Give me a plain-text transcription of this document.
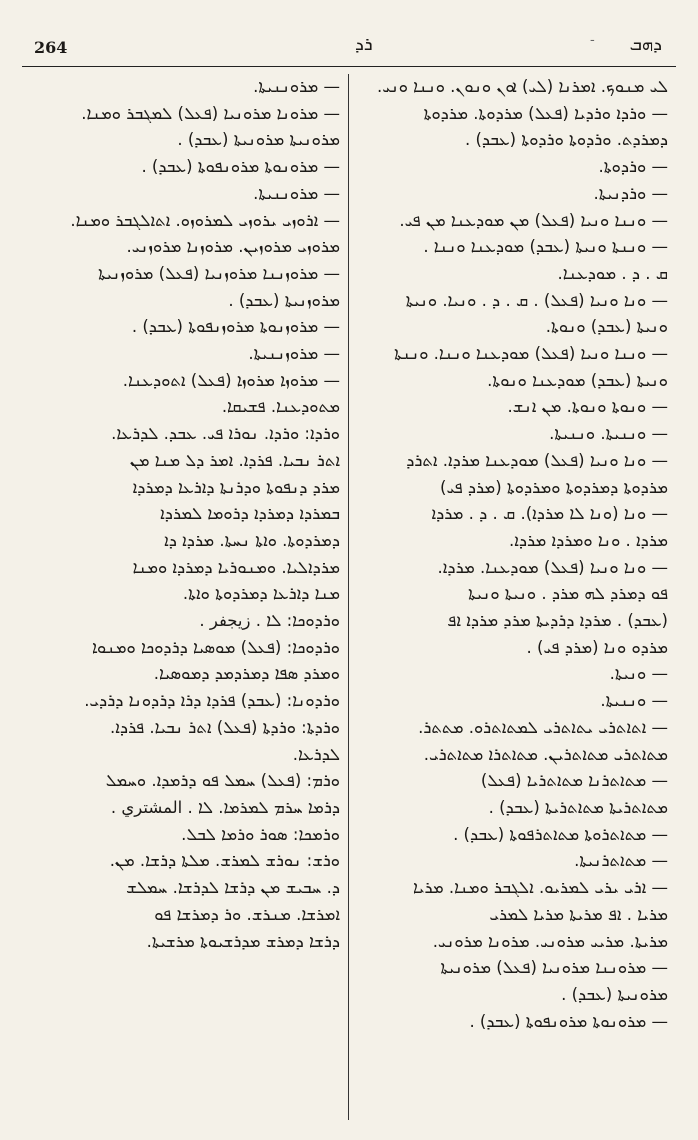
264	ܪܕ	- ܕܗܒ
— ܡܪܘܢܢܝܬܐ.
— ܡܪܘܢܐ ܡܪܘܢܝܐ (ܦܥܠ) ܠܡܓܒܪ ܘܡܢܐ.
ܡܪܘܢܝܬܐ ܡܪܘܢܝܬܐ (ܥܒܕ) .
— ܡܪܘܢܘܬܐ ܡܪܘܢܦܘܬܐ (ܥܒܕ) .
— ܡܪܘܢܢܝܬܐ.
— ܐܪܘܙܝ ܝܪܘܙܝ ܠܡܪܘܙܘ. ܐܬܐܠܓܒܪ ܘܡܢܐ.
ܡܪܘܙܝ ܡܪܘܙܝܢ. ܡܪܘܙܢܐ ܡܪܘܙܢܝ.
— ܡܪܘܙܢܢܐ ܡܪܘܙܢܝܐ (ܦܥܠ) ܡܪܘܙܢܝܬܐ
ܡܪܘܙܢܝܬܐ (ܥܒܕ) .
— ܡܪܘܙܢܘܬܐ ܡܪܘܙܢܦܘܬܐ (ܥܒܕ) .
— ܡܪܘܙܢܢܝܬܐ.
— ܡܪܘܙܐ ܡܪܘܙܐ (ܦܥܠ) ܐܬܘܕܥܢܐ.
ܡܬܘܕܥܢܐ. ܦܫܝܩܐ.
ܘܪܕܐ: ܘܪܕܐ. ܢܘܪܐ ܦܝ. ܥܒܕ. ܠܕܪܥܐ.
ܐܬܪ ܢܒܝܐ. ܦܪܕܐ. ܐܡܪ ܕܠ ܡܢܐ ܡܢ
ܡܪܕ ܕܢܦܘܬܐ ܘܕܪܢܬܐ ܕܐܪܥܐ ܕܡܪܕܐ
ܒܡܪܕܐ ܕܡܪܕܐ ܕܪܘܡܐ ܠܡܪܕܐ
ܕܡܪܕܘܬܐ. ܘܐܬܐ ܢܚܬܐ. ܡܪܕܐ ܕܐ
ܡܪܕܐܠܝܐ. ܘܡܢܘܪܝܐ ܕܡܪܕܐ ܘܡܢܐ
ܡܢܐ ܕܐܪܥܐ ܕܡܪܕܘܬܐ ܘܐܬܐ.
ܘܪܕܘܟܐ: ܠܐ . زيجفر .
ܘܪܕܘܟܐ: (ܦܥܠ) ܡܘܣܝܐ ܕܪܕܘܟܐ ܘܡܢܘܐ
ܘܡܪܕ ܣܦܐ ܕܡܪܕܡܕ ܕܡܘܣܝܐ.
ܘܪܕܘܢܐ: (ܥܒܕ) ܦܪܕܐ ܕܪܐ ܕܪܕܘܢܐ ܕܪܕܝ.
ܘܪܕܬܐ: ܘܪܕܬܐ (ܦܥܠ) ܐܬܪ ܢܒܝܐ. ܦܪܕܐ.
ܠܕܪܥܐ.
ܘܪܡ: (ܦܥܠ) ܚܡܠ ܦܘ ܕܪܡܕܐ. ܘܚܡܠ
ܕܪܡܐ ܚܪܡ ܠܡܪܡܐ. ܠܐ . المشتري .
ܘܪܡܟܐ: ܣܘܪ ܘܪܡܐ ܠܒܠ.
ܘܪܫ: ܢܘܪܫ ܠܡܪܫ. ܡܠܬܐ ܕܪܫܐ. ܡܢ.
ܕ. ܚܒܝܫ ܡܢ ܕܪܫܐ ܠܕܪܫܐ. ܚܡܠܫ
ܐܡܪܫܐ. ܡܢܪܫ. ܘܪ ܕܡܪܫܐ ܦܘ
ܕܪܫܐ ܕܡܪܫ ܡܕܪܫܝܘܬܐ ܡܪܫܝܬܐ.
ܠܝ ܡܢܘܟ. ܐܡܪܢܐ (ܠܝ) ܐܘܢ ܘܢܘܢ. ܘܢܢܐ ܘܢܝ.
— ܘܪܕܐ ܘܪܕܝܐ (ܦܥܠ) ܡܪܕܘܬܐ. ܡܪܕܘܬܐ
ܕܡܪܕܬ. ܘܪܕܘܬܐ ܘܪܕܘܬܐ (ܥܒܕ) .
— ܘܪܕܘܬܐ.
— ܘܪܕܢܝܬܐ.
— ܘܢܢܐ ܘܢܝܐ (ܦܥܠ) ܡܢ ܡܘܕܥܢܐ ܡܢ ܦܝ.
— ܘܢܢܬܐ ܘܢܝܬܐ (ܥܒܕ) ܡܘܕܥܢܐ ܘܢܢܐ .
ܩ . ܕ . ܡܘܕܥܢܐ.
— ܘܢܐ ܘܢܝܐ (ܦܥܠ) . ܩ . ܕ . ܘܢܝܐ. ܘܢܝܬܐ
ܘܢܝܬܐ (ܥܒܕ) ܘܢܘܬܐ.
— ܘܢܢܐ ܘܢܝܐ (ܦܥܠ) ܡܘܕܥܢܐ ܘܢܢܐ. ܘܢܢܬܐ
ܘܢܝܬܐ (ܥܒܕ) ܡܘܕܥܢܐ ܘܢܘܬܐ.
— ܘܢܘܬܐ ܘܢܘܬܐ. ܡܢ ܐܢܫ.
— ܘܢܢܝܬܐ. ܘܢܢܝܬܐ.
— ܘܢܐ ܘܢܝܐ (ܦܥܠ) ܡܘܕܥܢܐ ܡܪܕܐ. ܐܬܪܕ
ܡܪܕܘܬܐ ܕܡܪܕܘܬܐ ܘܡܪܕܘܬܐ (ܡܪܕ ܦܝ)
— ܘܢܐ (ܘܢܐ ܠܐ ܡܪܕܐ). ܩ . ܕ . ܡܪܕܐ
ܡܪܕܐ . ܘܢܐ ܘܡܪܕܐ ܡܪܕܐ.
— ܘܢܐ ܘܢܝܐ (ܦܥܠ) ܡܘܕܥܢܐ. ܡܪܕܐ.
ܦܘ ܕܡܪܕ ܠܗ ܡܪܕ . ܘܢܝܬܐ ܘܢܝܬܐ
(ܥܒܕ) . ܡܪܕܐ ܕܪܕܝܬܐ ܡܪܕ ܡܪܕܐ ܐܦ
ܡܪܕܘ ܘܢܐ (ܡܪܕ ܦܝ) .
— ܘܢܝܬܐ.
— ܘܢܢܝܬܐ.
— ܐܬܐܬܪܝ ܝܬܐܬܪܝ ܠܡܬܐܬܪܘ. ܡܬܬܪ.
ܡܬܐܬܪܝ ܡܬܐܬܪܝܢ. ܡܬܐܬܪܐ ܡܬܐܬܪܝ.
— ܡܬܐܬܪܢܐ ܡܬܐܬܪܝܐ (ܦܥܠ)
ܡܬܐܬܪܝܬܐ ܡܬܐܬܪܝܬܐ (ܥܒܕ) .
— ܡܬܐܬܪܘܬܐ ܡܬܐܬܪܦܘܬܐ (ܥܒܕ) .
— ܡܬܐܬܪܢܝܬܐ.
— ܐܪܝ ܝܪܝ ܠܡܪܝܘ. ܐܠܓܒܪ ܘܡܢܐ. ܡܪܝܐ
ܡܪܝܐ . ܐܦ ܡܪܝܬܐ ܡܪܝܐ ܠܡܪܝ
ܡܪܝܬܐ. ܡܪܝܝ ܡܪܘܢܝ. ܡܪܘܢܐ ܡܪܘܢܝ.
— ܡܪܘܢܢܐ ܡܪܘܢܝܐ (ܦܥܠ) ܡܪܘܢܝܬܐ
ܡܪܘܢܝܬܐ (ܥܒܕ) .
— ܡܪܘܢܘܬܐ ܡܪܘܢܦܘܬܐ (ܥܒܕ) .
